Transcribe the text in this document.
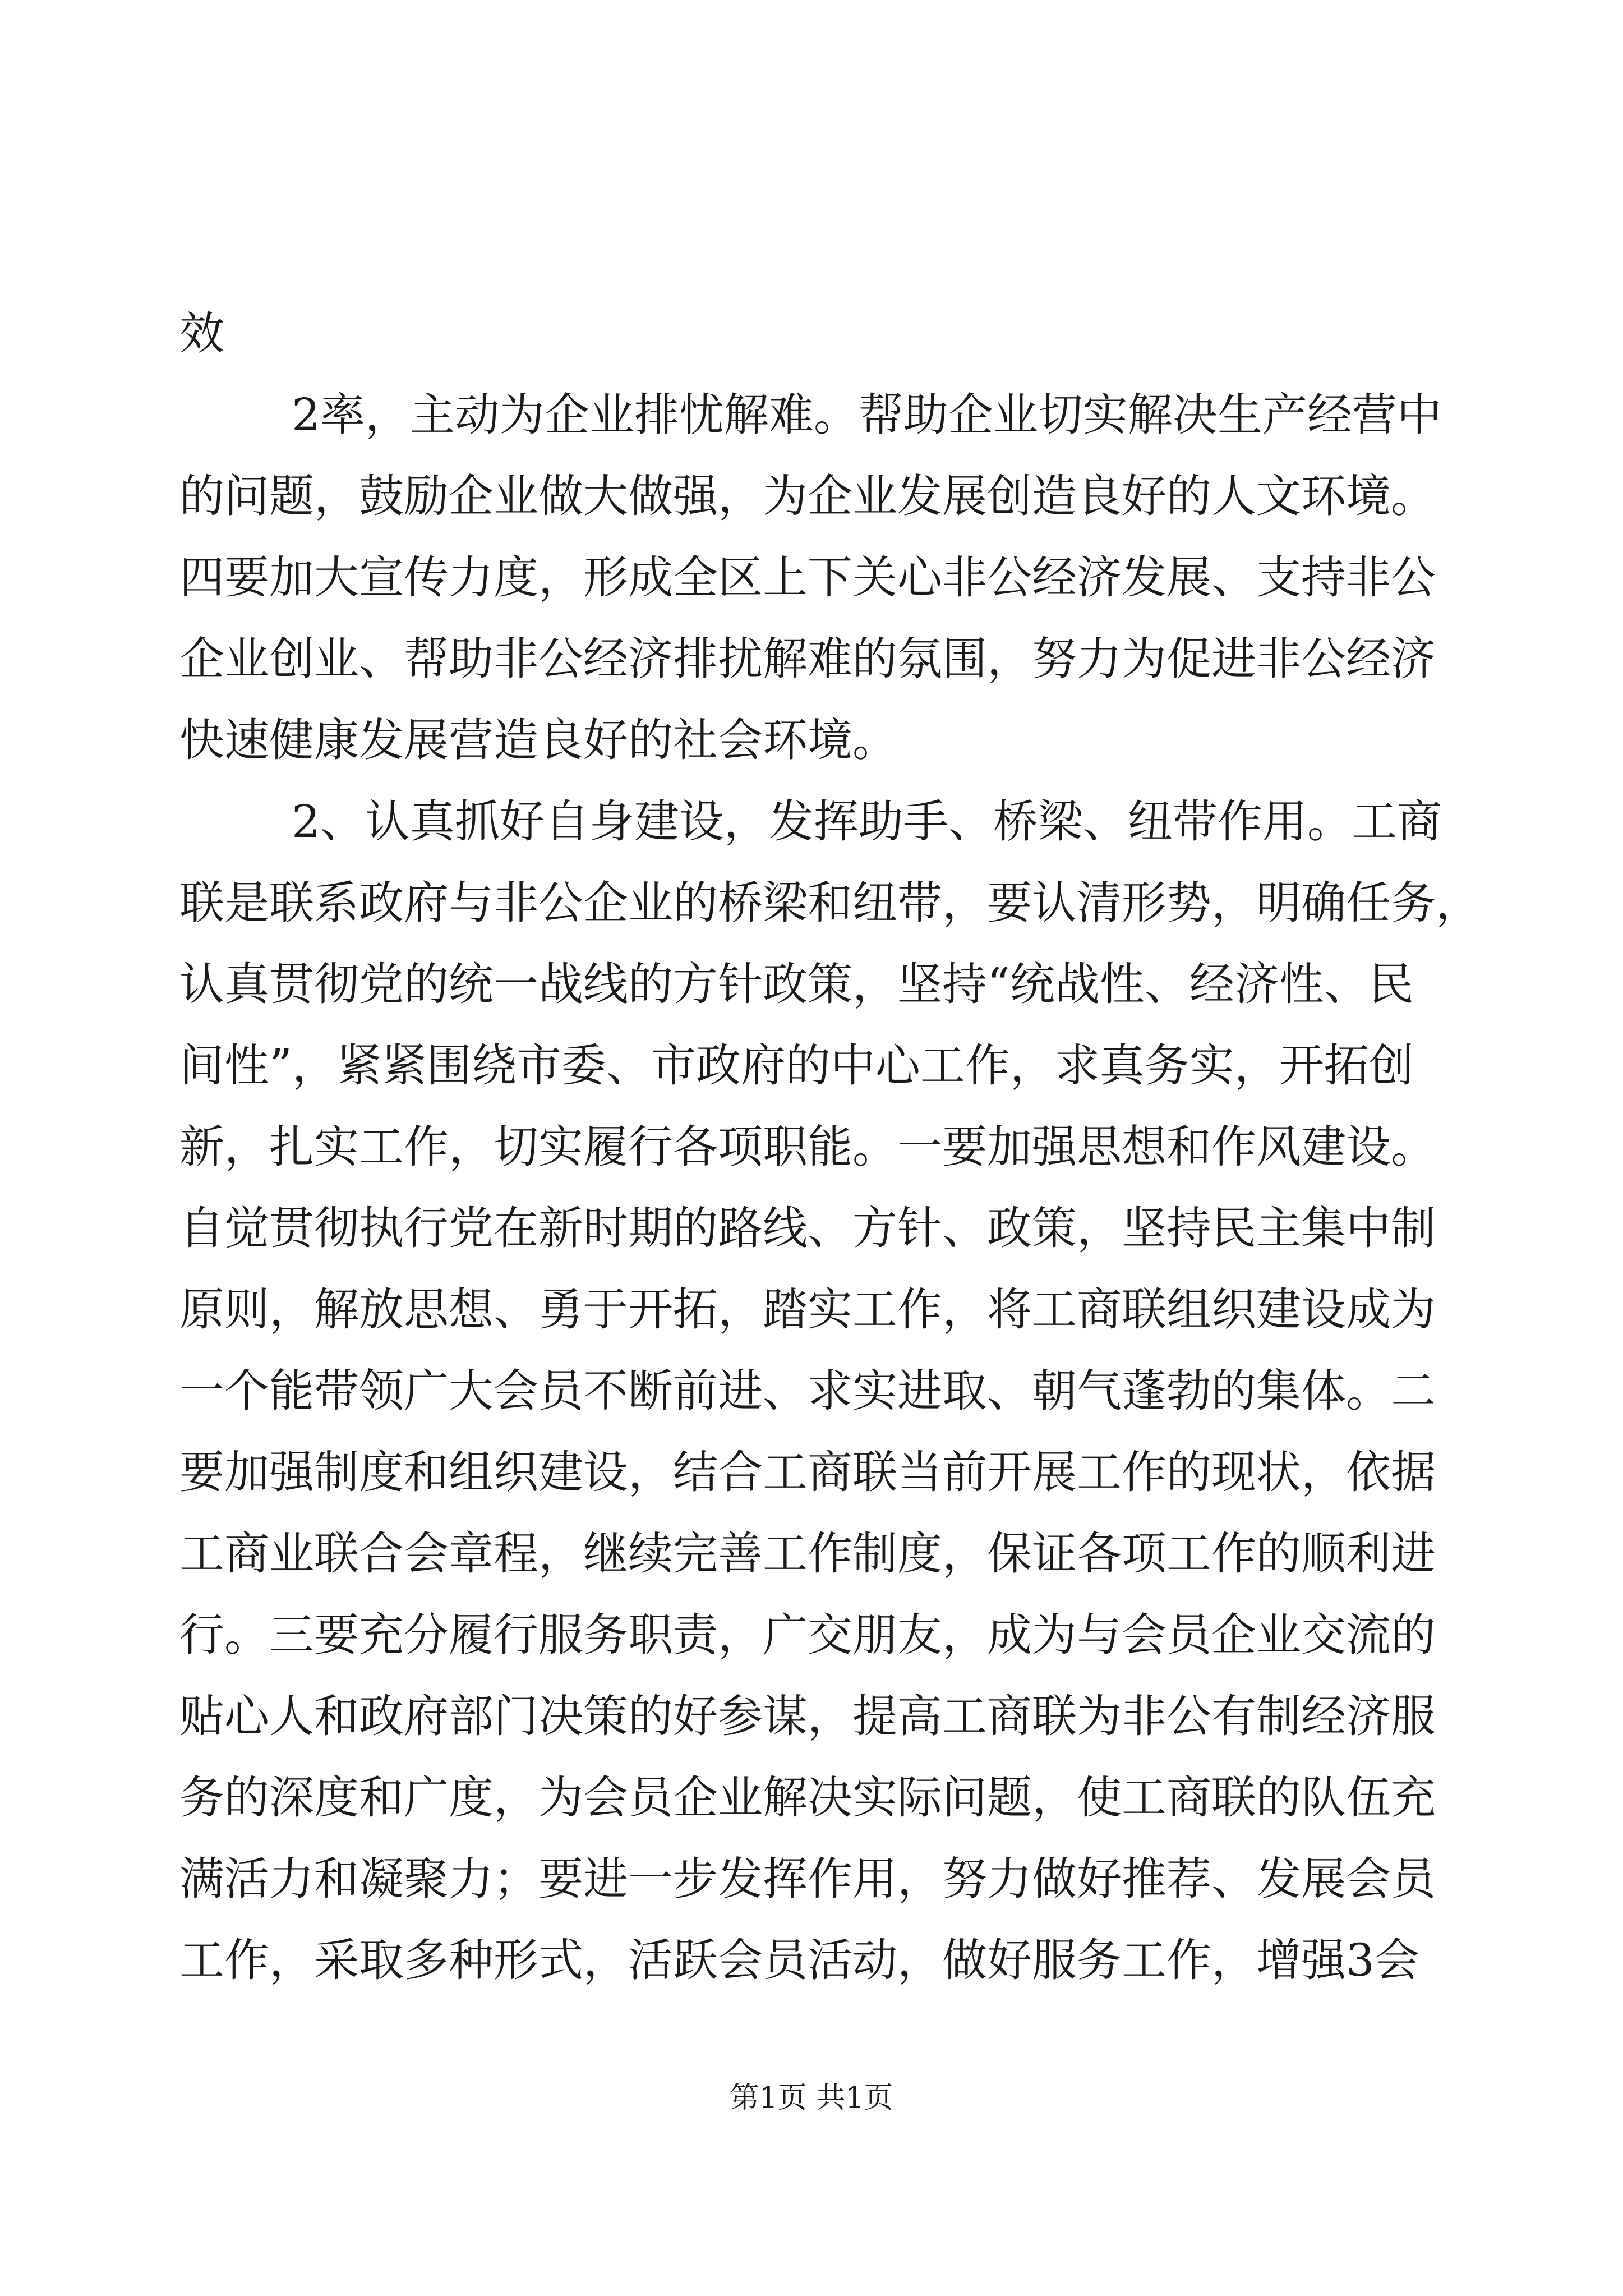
效
2率，主动为企业排忧解难。帮助企业切实解决生产经营中
的问题，鼓励企业做大做强，为企业发展创造良好的人文环境。
四要加大宣传力度，形成全区上下关心非公经济发展、支持非公
企业创业、帮助非公经济排扰解难的氛围，努力为促进非公经济
快速健康发展营造良好的社会环境。
2、认真抓好自身建设，发挥助手、桥梁、纽带作用。工商
联是联系政府与非公企业的桥梁和纽带，要认清形势，明确任务，
认真贯彻党的统一战线的方针政策，坚持“统战性、经济性、民
间性”，紧紧围绕市委、市政府的中心工作，求真务实，开拓创
新，扎实工作，切实履行各项职能。一要加强思想和作风建设。
自觉贯彻执行党在新时期的路线、方针、政策，坚持民主集中制
原则，解放思想、勇于开拓，踏实工作，将工商联组织建设成为
一个能带领广大会员不断前进、求实进取、朝气蓬勃的集体。二
要加强制度和组织建设，结合工商联当前开展工作的现状，依据
工商业联合会章程，继续完善工作制度，保证各项工作的顺利进
行。三要充分履行服务职责，广交朋友，成为与会员企业交流的
贴心人和政府部门决策的好参谋，提高工商联为非公有制经济服
务的深度和广度，为会员企业解决实际问题，使工商联的队伍充
满活力和凝聚力；要进一步发挥作用，努力做好推荐、发展会员
工作，采取多种形式，活跃会员活动，做好服务工作，增强3会
第1页 共1页
